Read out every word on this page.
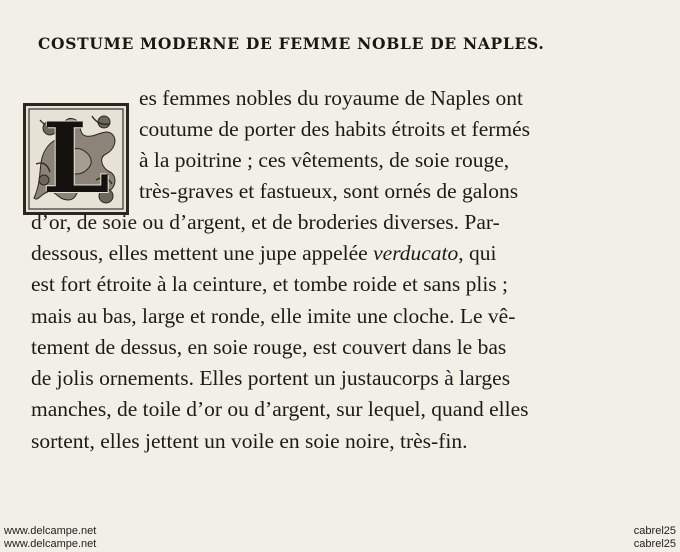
COSTUME MODERNE DE FEMME NOBLE DE NAPLES.
L
es femmes nobles du royaume de Naples ont
coutume de porter des habits étroits et fermés
à la poitrine ; ces vêtements, de soie rouge,
très-graves et fastueux, sont ornés de galons
d’or, de soie ou d’argent, et de broderies diverses. Par-
dessous, elles mettent une jupe appelée verducato, qui
est fort étroite à la ceinture, et tombe roide et sans plis ;
mais au bas, large et ronde, elle imite une cloche. Le vê-
tement de dessus, en soie rouge, est couvert dans le bas
de jolis ornements. Elles portent un justaucorps à larges
manches, de toile d’or ou d’argent, sur lequel, quand elles
sortent, elles jettent un voile en soie noire, très-fin.
www.delcampe.net
www.delcampe.net
cabrel25
cabrel25
